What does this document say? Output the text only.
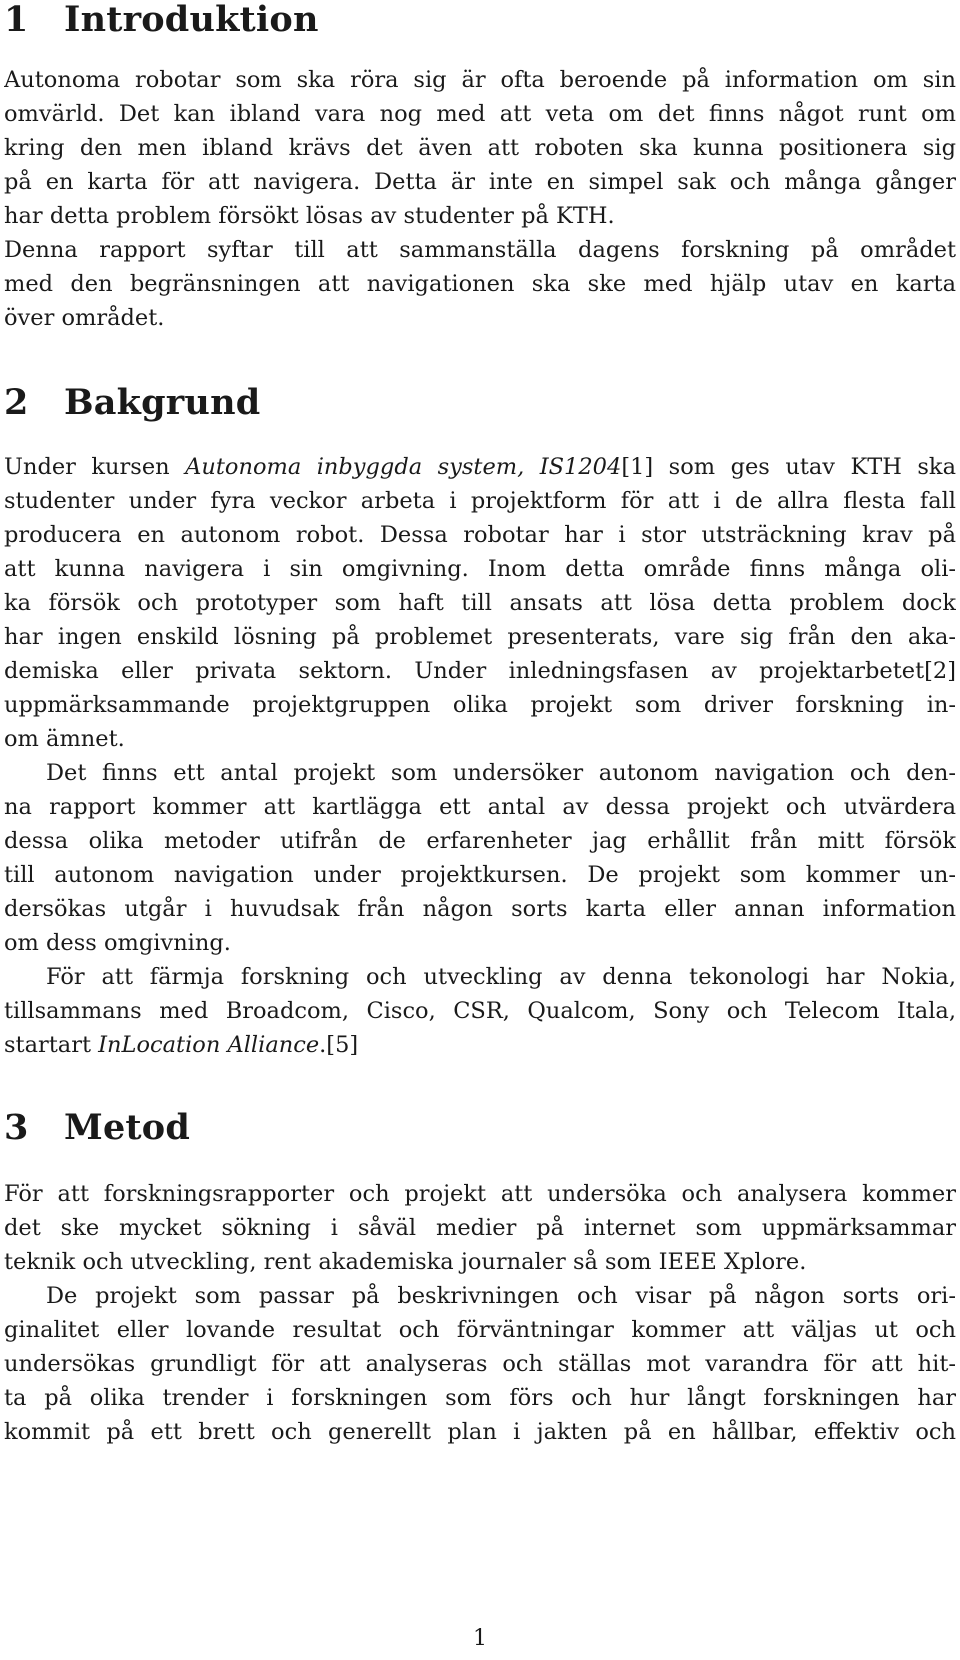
1 Introduktion
Autonoma robotar som ska röra sig är ofta beroende på information om sin
omvärld. Det kan ibland vara nog med att veta om det finns något runt om
kring den men ibland krävs det även att roboten ska kunna positionera sig
på en karta för att navigera. Detta är inte en simpel sak och många gånger
har detta problem försökt lösas av studenter på KTH.
Denna rapport syftar till att sammanställa dagens forskning på området
med den begränsningen att navigationen ska ske med hjälp utav en karta
över området.
2 Bakgrund
Under kursen Autonoma inbyggda system, IS1204[1] som ges utav KTH ska
studenter under fyra veckor arbeta i projektform för att i de allra flesta fall
producera en autonom robot. Dessa robotar har i stor utsträckning krav på
att kunna navigera i sin omgivning. Inom detta område finns många oli-
ka försök och prototyper som haft till ansats att lösa detta problem dock
har ingen enskild lösning på problemet presenterats, vare sig från den aka-
demiska eller privata sektorn. Under inledningsfasen av projektarbetet[2]
uppmärksammande projektgruppen olika projekt som driver forskning in-
om ämnet.
Det finns ett antal projekt som undersöker autonom navigation och den-
na rapport kommer att kartlägga ett antal av dessa projekt och utvärdera
dessa olika metoder utifrån de erfarenheter jag erhållit från mitt försök
till autonom navigation under projektkursen. De projekt som kommer un-
dersökas utgår i huvudsak från någon sorts karta eller annan information
om dess omgivning.
För att färmja forskning och utveckling av denna tekonologi har Nokia,
tillsammans med Broadcom, Cisco, CSR, Qualcom, Sony och Telecom Itala,
startart InLocation Alliance.[5]
3 Metod
För att forskningsrapporter och projekt att undersöka och analysera kommer
det ske mycket sökning i såväl medier på internet som uppmärksammar
teknik och utveckling, rent akademiska journaler så som IEEE Xplore.
De projekt som passar på beskrivningen och visar på någon sorts ori-
ginalitet eller lovande resultat och förväntningar kommer att väljas ut och
undersökas grundligt för att analyseras och ställas mot varandra för att hit-
ta på olika trender i forskningen som förs och hur långt forskningen har
kommit på ett brett och generellt plan i jakten på en hållbar, effektiv och
1
